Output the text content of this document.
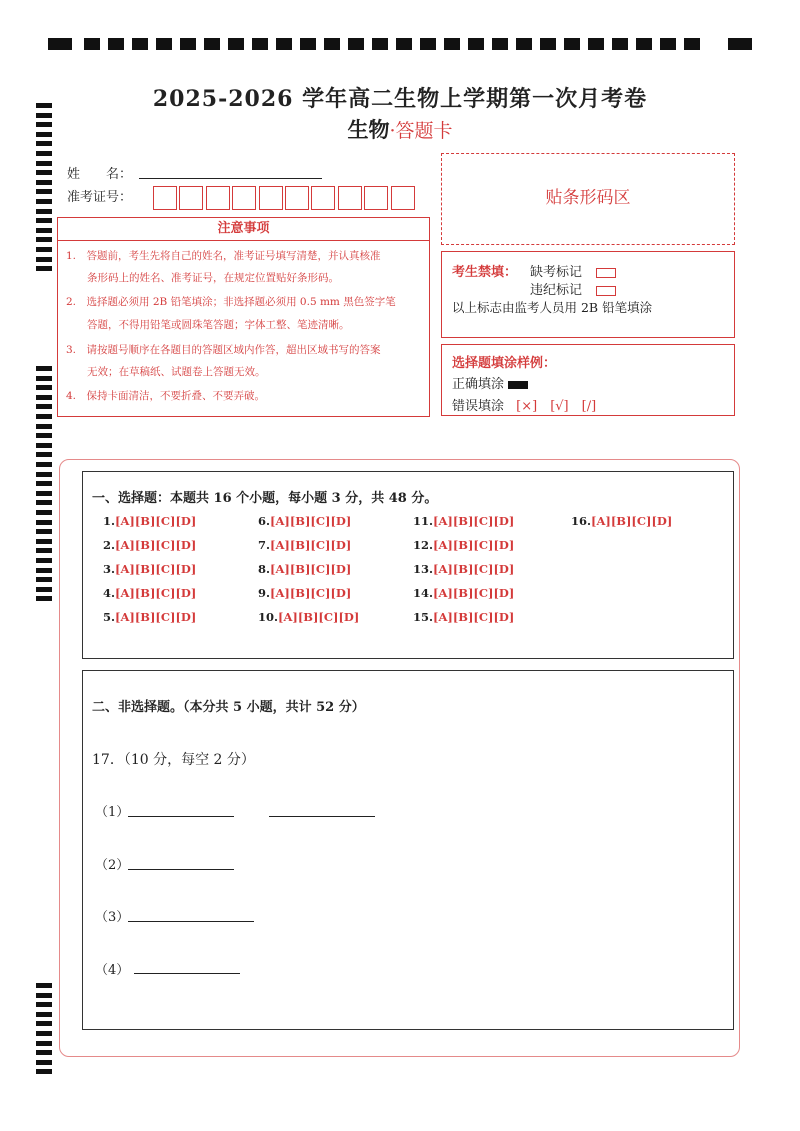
2025-2026 学年高二生物上学期第一次月考卷
生物·答题卡
姓　　名：
准考证号：
注意事项
1.　答题前，考生先将自己的姓名，准考证号填写清楚，并认真核准
　　条形码上的姓名、准考证号，在规定位置贴好条形码。
2.　选择题必须用 2B 铅笔填涂；非选择题必须用 0.5 mm 黑色签字笔
　　答题，不得用铅笔或圆珠笔答题；字体工整、笔迹清晰。
3.　请按题号顺序在各题目的答题区域内作答，超出区域书写的答案
　　无效；在草稿纸、试题卷上答题无效。
4.　保持卡面清洁，不要折叠、不要弄破。
贴条形码区
考生禁填： 缺考标记
违纪标记
以上标志由监考人员用 2B 铅笔填涂
选择题填涂样例：
正确填涂
错误填涂 [×]　[√]　[/]
一、选择题：本题共 16 个小题，每小题 3 分，共 48 分。
1.[A][B][C][D]
2.[A][B][C][D]
3.[A][B][C][D]
4.[A][B][C][D]
5.[A][B][C][D]
6.[A][B][C][D]
7.[A][B][C][D]
8.[A][B][C][D]
9.[A][B][C][D]
10.[A][B][C][D]
11.[A][B][C][D]
12.[A][B][C][D]
13.[A][B][C][D]
14.[A][B][C][D]
15.[A][B][C][D]
16.[A][B][C][D]
二、非选择题。（本分共 5 小题，共计 52 分）
17．（10 分，每空 2 分）
（1）
（2）
（3）
（4）
